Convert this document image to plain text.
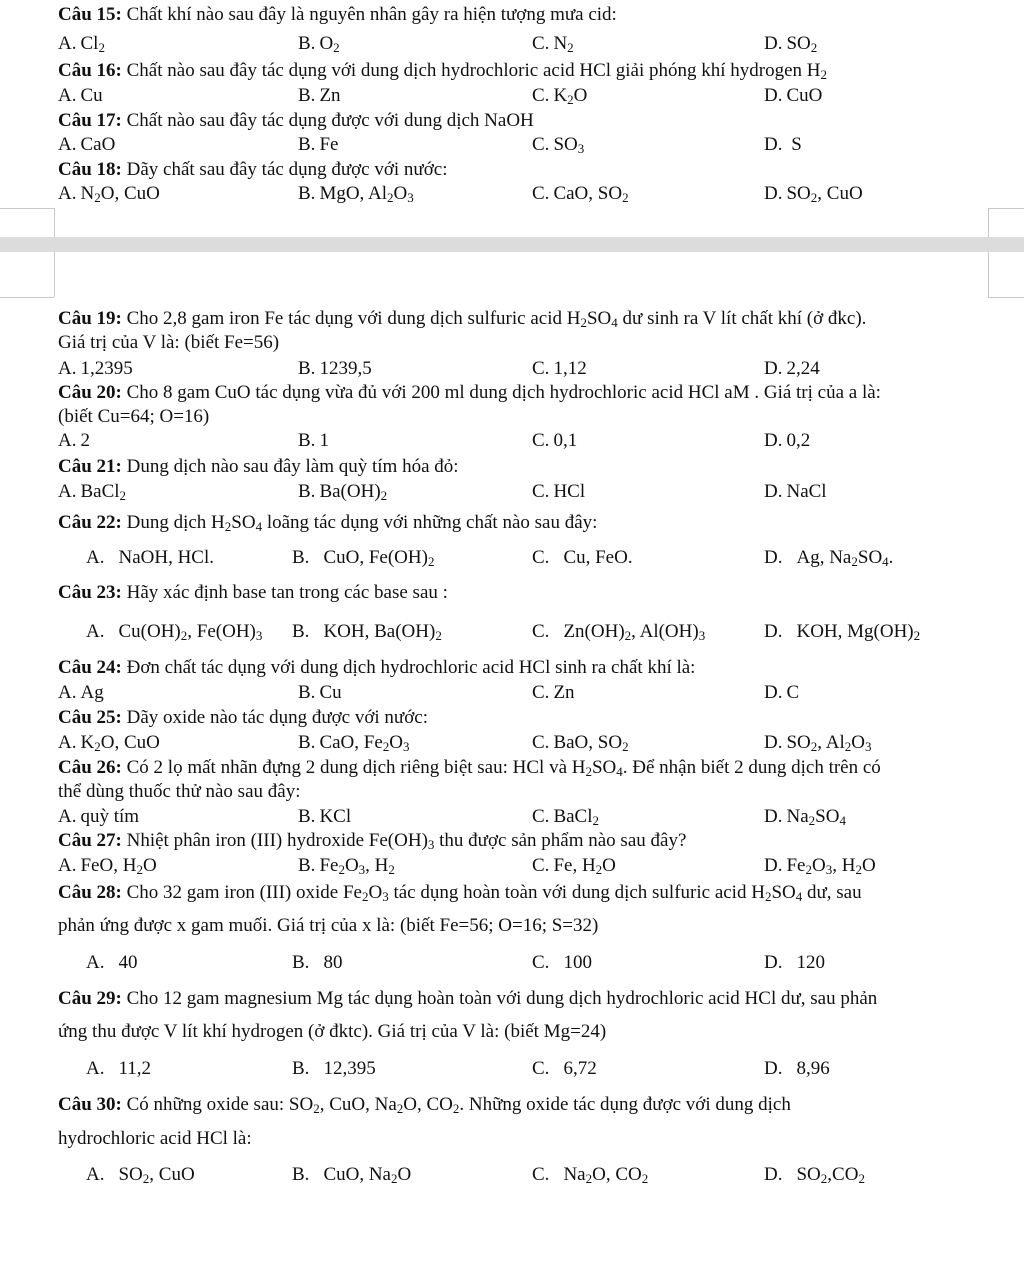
Câu 15: Chất khí nào sau đây là nguyên nhân gây ra hiện tượng mưa cid:
A. $Cl_2$	B. $O_2$	C. $N_2$	D. $SO_2$
Câu 16: Chất nào sau đây tác dụng với dung dịch hydrochloric acid HCl giải phóng khí hydrogen $H_2$
A. Cu	B. Zn	C. $K_2O$	D. CuO
Câu 17: Chất nào sau đây tác dụng được với dung dịch NaOH
A. CaO	B. Fe	C. $SO_3$	D. S
Câu 18: Dãy chất sau đây tác dụng được với nước:
A. $N_2O$, CuO	B. MgO, $Al_2O_3$	C. CaO, $SO_2$	D. $SO_2$, CuO
Câu 19: Cho 2,8 gam iron Fe tác dụng với dung dịch sulfuric acid $H_2SO_4$ dư sinh ra V lít chất khí (ở đkc).
Giá trị của V là: (biết Fe=56)
A. 1,2395	B. 1239,5	C. 1,12	D. 2,24
Câu 20: Cho 8 gam CuO tác dụng vừa đủ với 200 ml dung dịch hydrochloric acid HCl aM . Giá trị của a là:
(biết Cu=64; O=16)
A. 2	B. 1	C. 0,1	D. 0,2
Câu 21: Dung dịch nào sau đây làm quỳ tím hóa đỏ:
A. BaCl$_2$	B. $Ba(OH)_2$	C. HCl	D. NaCl
Câu 22: Dung dịch $H_2SO_4$ loãng tác dụng với những chất nào sau đây:
A. NaOH, HCl.	B. CuO, $Fe(OH)_2$	C. Cu, FeO.	D. Ag, $Na_2SO_4$.
Câu 23: Hãy xác định base tan trong các base sau :
A. $Cu(OH)_2$, $Fe(OH)_3$ B. KOH, $Ba(OH)_2$	C. $Zn(OH)_2$, $Al(OH)_3$	D. KOH, $Mg(OH)_2$
Câu 24: Đơn chất tác dụng với dung dịch hydrochloric acid HCl sinh ra chất khí là:
A. Ag	B. Cu	C. Zn	D. C
Câu 25: Dãy oxide nào tác dụng được với nước:
A. $K_2O$, CuO	B. CaO, $Fe_2O_3$	C. BaO, $SO_2$	D. $SO_2$, $Al_2O_3$
Câu 26: Có 2 lọ mất nhãn đựng 2 dung dịch riêng biệt sau: HCl và $H_2SO_4$. Để nhận biết 2 dung dịch trên có
thể dùng thuốc thử nào sau đây:
A. quỳ tím	B. KCl	C. BaCl$_2$	D. $Na_2SO_4$
Câu 27: Nhiệt phân iron (III) hydroxide $Fe(OH)_3$ thu được sản phẩm nào sau đây?
A. FeO, $H_2O$	B. $Fe_2O_3$, $H_2$	C. Fe, $H_2O$	D. $Fe_2O_3$, $H_2O$
Câu 28: Cho 32 gam iron (III) oxide $Fe_2O_3$ tác dụng hoàn toàn với dung dịch sulfuric acid $H_2SO_4$ dư, sau
phản ứng được x gam muối. Giá trị của x là: (biết Fe=56; O=16; S=32)
A. 40	B. 80	C. 100	D. 120
Câu 29: Cho 12 gam magnesium Mg tác dụng hoàn toàn với dung dịch hydrochloric acid HCl dư, sau phản
ứng thu được V lít khí hydrogen (ở đktc). Giá trị của V là: (biết Mg=24)
A. 11,2	B. 12,395	C. 6,72	D. 8,96
Câu 30: Có những oxide sau: $SO_2$, CuO, $Na_2O$, $CO_2$. Những oxide tác dụng được với dung dịch
hydrochloric acid HCl là:
A. $SO_2$, CuO	B. CuO, $Na_2O$	C. $Na_2O$, $CO_2$	D. $SO_2,CO_2$
